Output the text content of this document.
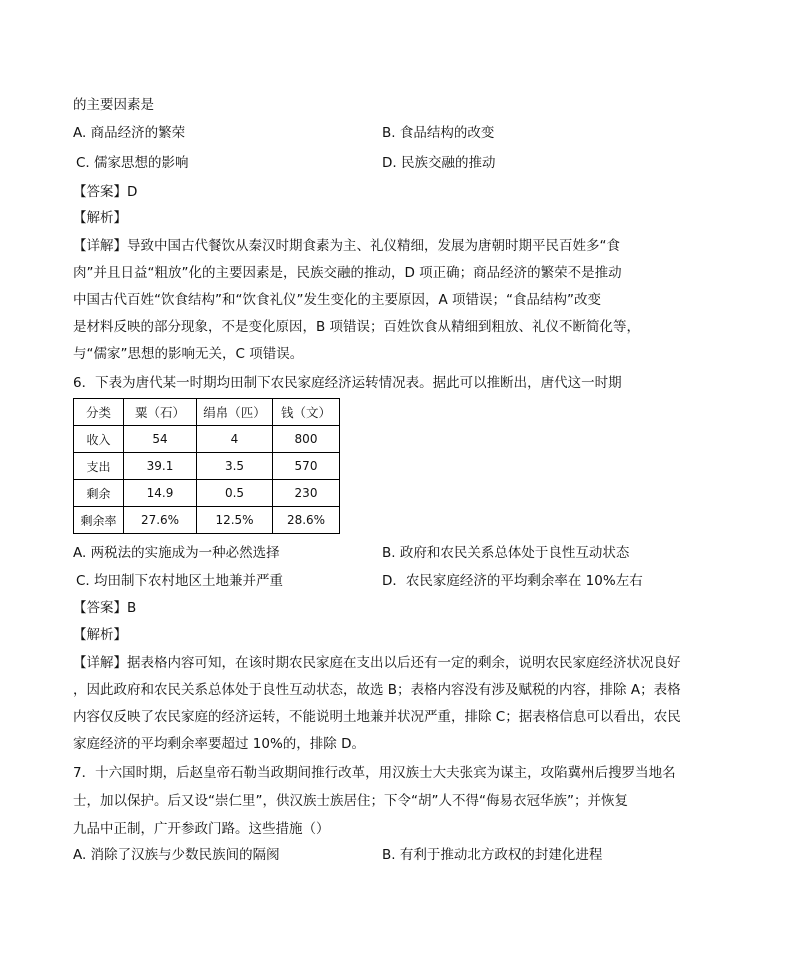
的主要因素是
A. 商品经济的繁荣	B. 食品结构的改变
C. 儒家思想的影响	D. 民族交融的推动
【答案】D
【解析】
【详解】导致中国古代餐饮从秦汉时期食素为主、礼仪精细，发展为唐朝时期平民百姓多“食
肉”并且日益“粗放”化的主要因素是，民族交融的推动，D 项正确；商品经济的繁荣不是推动
中国古代百姓“饮食结构”和“饮食礼仪”发生变化的主要原因，A 项错误；“食品结构”改变
是材料反映的部分现象，不是变化原因，B 项错误；百姓饮食从精细到粗放、礼仪不断简化等，
与“儒家”思想的影响无关，C 项错误。
6．下表为唐代某一时期均田制下农民家庭经济运转情况表。据此可以推断出，唐代这一时期
分类	粟（石）	绢帛（匹）	钱（文）
收入	54	4	800
支出	39.1	3.5	570
剩余	14.9	0.5	230
剩余率	27.6%	12.5%	28.6%
A. 两税法的实施成为一种必然选择	B. 政府和农民关系总体处于良性互动状态
C. 均田制下农村地区土地兼并严重	D．农民家庭经济的平均剩余率在 10%左右
【答案】B
【解析】
【详解】据表格内容可知，在该时期农民家庭在支出以后还有一定的剩余，说明农民家庭经济状况良好
，因此政府和农民关系总体处于良性互动状态，故选 B；表格内容没有涉及赋税的内容，排除 A；表格
内容仅反映了农民家庭的经济运转，不能说明土地兼并状况严重，排除 C；据表格信息可以看出，农民
家庭经济的平均剩余率要超过 10%的，排除 D。
7．十六国时期，后赵皇帝石勒当政期间推行改革，用汉族士大夫张宾为谋主，攻陷冀州后搜罗当地名
士，加以保护。后又设“崇仁里”，供汉族士族居住；下令“胡”人不得“侮易衣冠华族”；并恢复
九品中正制，广开参政门路。这些措施（）
A. 消除了汉族与少数民族间的隔阂	B. 有利于推动北方政权的封建化进程
